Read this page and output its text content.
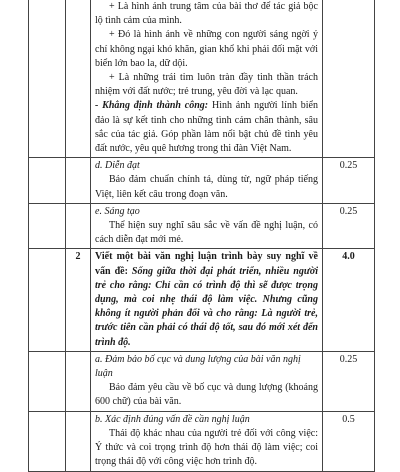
		+ Là hình ảnh trung tâm của bài thơ để tác giả bộc lộ tình cảm của mình.

+ Đó là hình ảnh về những con người sáng ngời ý chí không ngại khó khăn, gian khổ khi phải đối mặt với biển lớn bao la, dữ dội.

+ Là những trái tim luôn tràn đầy tinh thần trách nhiệm với đất nước; trẻ trung, yêu đời và lạc quan.

- Khẳng định thành công: Hình ảnh người lính biển đảo là sự kết tinh cho những tình cảm chân thành, sâu sắc của tác giả. Góp phần làm nổi bật chủ đề tình yêu đất nước, yêu quê hương trong thi đàn Việt Nam.	

		d. Diễn đạt

Bảo đảm chuẩn chính tả, dùng từ, ngữ pháp tiếng Việt, liên kết câu trong đoạn văn.	0.25

		e. Sáng tạo

Thể hiện suy nghĩ sâu sắc về vấn đề nghị luận, có cách diễn đạt mới mẻ.	0.25
	2	Viết một bài văn nghị luận trình bày suy nghĩ về vấn đề: Sống giữa thời đại phát triển, nhiều người trẻ cho rằng: Chỉ cần có trình độ thì sẽ được trọng dụng, mà coi nhẹ thái độ làm việc. Nhưng cũng không ít người phản đối và cho rằng: Là người trẻ, trước tiên cần phải có thái độ tốt, sau đó mới xét đến trình độ.	4.0

		a. Đảm bảo bố cục và dung lượng của bài văn nghị luận

Bảo đảm yêu cầu về bố cục và dung lượng (khoảng 600 chữ) của bài văn.	0.25

		b. Xác định đúng vấn đề cần nghị luận

Thái độ khác nhau của người trẻ đối với công việc: Ý thức và coi trọng trình độ hơn thái độ làm việc; coi trọng thái độ với công việc hơn trình độ.	0.5
